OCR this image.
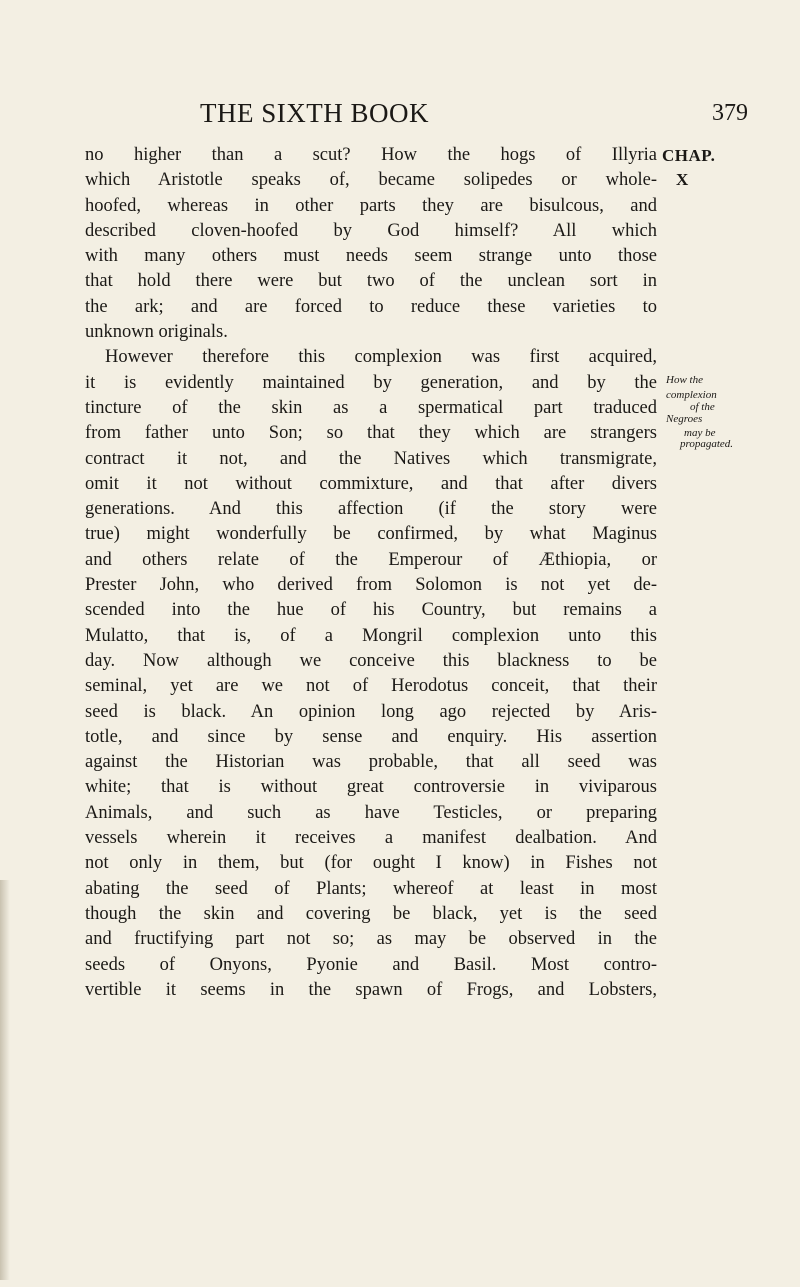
THE SIXTH BOOK	379
CHAP.
X
How the
complexion
of the
Negroes
may be
propagated.
no higher than a scut? How the hogs of Illyria
which Aristotle speaks of, became solipedes or whole-
hoofed, whereas in other parts they are bisulcous, and
described cloven-hoofed by God himself? All which
with many others must needs seem strange unto those
that hold there were but two of the unclean sort in
the ark; and are forced to reduce these varieties to
unknown originals.
However therefore this complexion was first acquired,
it is evidently maintained by generation, and by the
tincture of the skin as a spermatical part traduced
from father unto Son; so that they which are strangers
contract it not, and the Natives which transmigrate,
omit it not without commixture, and that after divers
generations. And this affection (if the story were
true) might wonderfully be confirmed, by what Maginus
and others relate of the Emperour of Æthiopia, or
Prester John, who derived from Solomon is not yet de-
scended into the hue of his Country, but remains a
Mulatto, that is, of a Mongril complexion unto this
day. Now although we conceive this blackness to be
seminal, yet are we not of Herodotus conceit, that their
seed is black. An opinion long ago rejected by Aris-
totle, and since by sense and enquiry. His assertion
against the Historian was probable, that all seed was
white; that is without great controversie in viviparous
Animals, and such as have Testicles, or preparing
vessels wherein it receives a manifest dealbation. And
not only in them, but (for ought I know) in Fishes not
abating the seed of Plants; whereof at least in most
though the skin and covering be black, yet is the seed
and fructifying part not so; as may be observed in the
seeds of Onyons, Pyonie and Basil. Most contro-
vertible it seems in the spawn of Frogs, and Lobsters,
